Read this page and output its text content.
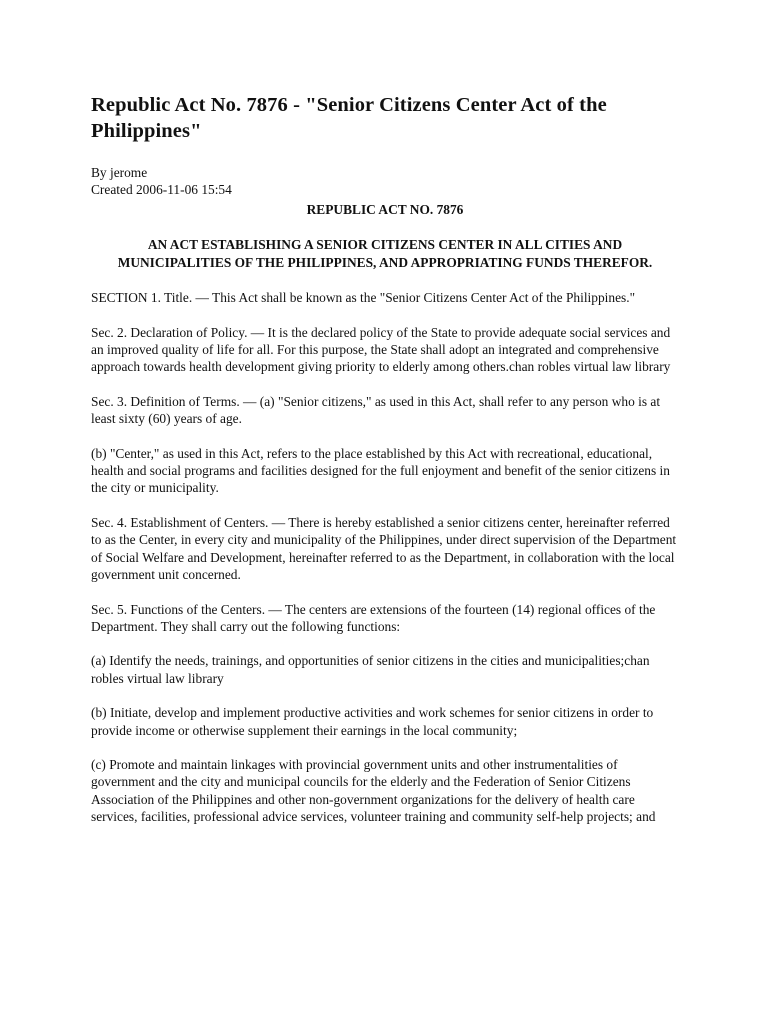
Republic Act No. 7876 - "Senior Citizens Center Act of the Philippines"
By jerome
Created 2006-11-06 15:54
REPUBLIC ACT NO. 7876
AN ACT ESTABLISHING A SENIOR CITIZENS CENTER IN ALL CITIES AND MUNICIPALITIES OF THE PHILIPPINES, AND APPROPRIATING FUNDS THEREFOR.

SECTION 1. Title. — This Act shall be known as the "Senior Citizens Center Act of the Philippines."

Sec. 2. Declaration of Policy. — It is the declared policy of the State to provide adequate social services and an improved quality of life for all. For this purpose, the State shall adopt an integrated and comprehensive approach towards health development giving priority to elderly among others.chan robles virtual law library

Sec. 3. Definition of Terms. — (a) "Senior citizens," as used in this Act, shall refer to any person who is at least sixty (60) years of age.

(b) "Center," as used in this Act, refers to the place established by this Act with recreational, educational, health and social programs and facilities designed for the full enjoyment and benefit of the senior citizens in the city or municipality.

Sec. 4. Establishment of Centers. — There is hereby established a senior citizens center, hereinafter referred to as the Center, in every city and municipality of the Philippines, under direct supervision of the Department of Social Welfare and Development, hereinafter referred to as the Department, in collaboration with the local government unit concerned.

Sec. 5. Functions of the Centers. — The centers are extensions of the fourteen (14) regional offices of the Department. They shall carry out the following functions:

(a) Identify the needs, trainings, and opportunities of senior citizens in the cities and municipalities;chan robles virtual law library

(b) Initiate, develop and implement productive activities and work schemes for senior citizens in order to provide income or otherwise supplement their earnings in the local community;

(c) Promote and maintain linkages with provincial government units and other instrumentalities of government and the city and municipal councils for the elderly and the Federation of Senior Citizens Association of the Philippines and other non-government organizations for the delivery of health care services, facilities, professional advice services, volunteer training and community self-help projects; and
